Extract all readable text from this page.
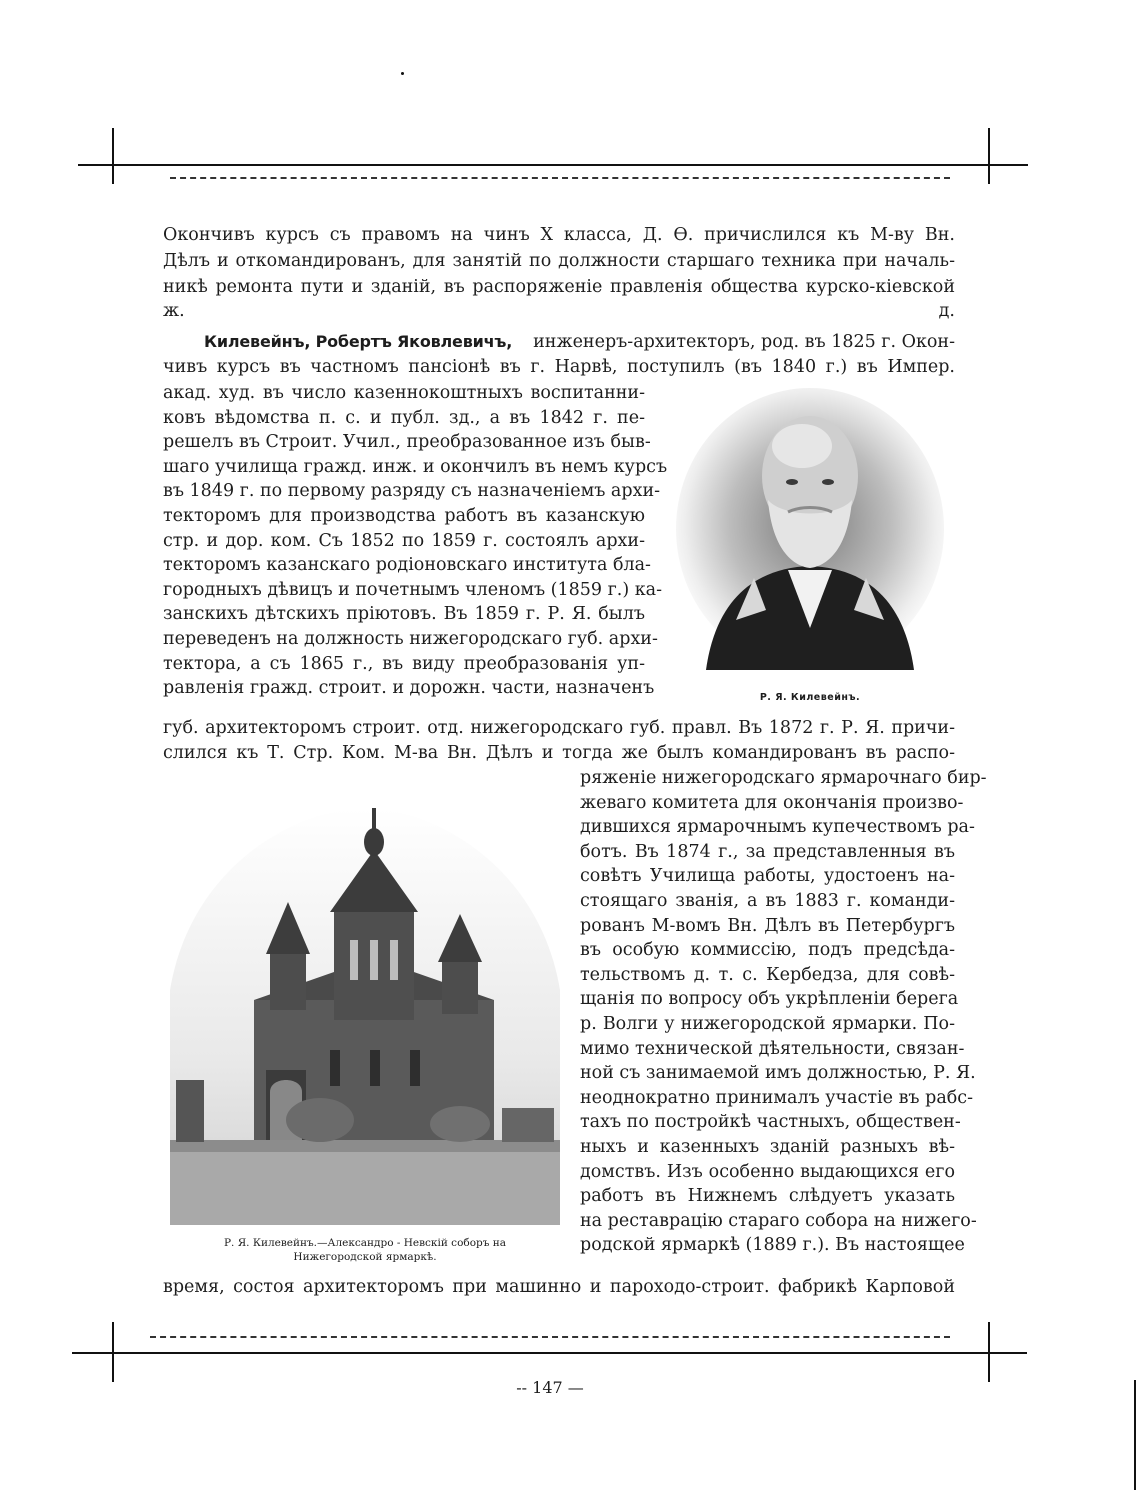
Окончивъ курсъ съ правомъ на чинъ X класса, Д. Ѳ. причислился къ М-ву Вн.
Дѣлъ и откомандированъ, для занятій по должности старшаго техника при началь-
никѣ ремонта пути и зданій, въ распоряженіе правленія общества курско-кіевской ж. д.
Килевейнъ, Робертъ Яковлевичъ, инженеръ-архитекторъ, род. въ 1825 г. Окон-
чивъ курсъ въ частномъ пансіонѣ въ г. Нарвѣ, поступилъ (въ 1840 г.) въ Импер.
акад. худ. въ число казеннокоштныхъ воспитанни-
ковъ вѣдомства п. с. и публ. зд., а въ 1842 г. пе-
решелъ въ Строит. Учил., преобразованное изъ быв-
шаго училища гражд. инж. и окончилъ въ немъ курсъ
въ 1849 г. по первому разряду съ назначеніемъ архи-
текторомъ для производства работъ въ казанскую
стр. и дор. ком. Съ 1852 по 1859 г. состоялъ архи-
текторомъ казанскаго родіоновскаго института бла-
городныхъ дѣвицъ и почетнымъ членомъ (1859 г.) ка-
занскихъ дѣтскихъ пріютовъ. Въ 1859 г. Р. Я. былъ
переведенъ на должность нижегородскаго губ. архи-
текторa, а съ 1865 г., въ виду преобразованія уп-
равленія гражд. строит. и дорожн. части, назначенъ	Р. Я. Килевейнъ.
губ. архитекторомъ строит. отд. нижегородскаго губ. правл. Въ 1872 г. Р. Я. причи-
слился къ Т. Стр. Ком. М-ва Вн. Дѣлъ и тогда же былъ командированъ въ распо-
Р. Я. Килевейнъ.—Александро - Невскій соборъ на
Нижегородской ярмаркѣ.
ряженіе нижегородскаго ярмарочнаго бир-
жеваго комитета для окончанія произво-
дившихся ярмарочнымъ купечествомъ ра-
ботъ. Въ 1874 г., за представленныя въ
совѣтъ Училища работы, удостоенъ на-
стоящаго званія, а въ 1883 г. команди-
рованъ М-вомъ Вн. Дѣлъ въ Петербургъ
въ особую коммиссію, подъ предсѣда-
тельствомъ д. т. с. Кербедза, для совѣ-
щанія по вопросу объ укрѣпленіи берега
р. Волги у нижегородской ярмарки. По-
мимо технической дѣятельности, связан-
ной съ занимаемой имъ должностью, Р. Я.
неоднократно принималъ участіе въ рабс-
тахъ по постройкѣ частныхъ, обществен-
ныхъ и казенныхъ зданій разныхъ вѣ-
домствъ. Изъ особенно выдающихся его
работъ въ Нижнемъ слѣдуетъ указать
на реставрацію стараго собора на нижего-
родской ярмаркѣ (1889 г.). Въ настоящее
время, состоя архитекторомъ при машинно и пароходо-строит. фабрикѣ Карповой
-- 147 —
